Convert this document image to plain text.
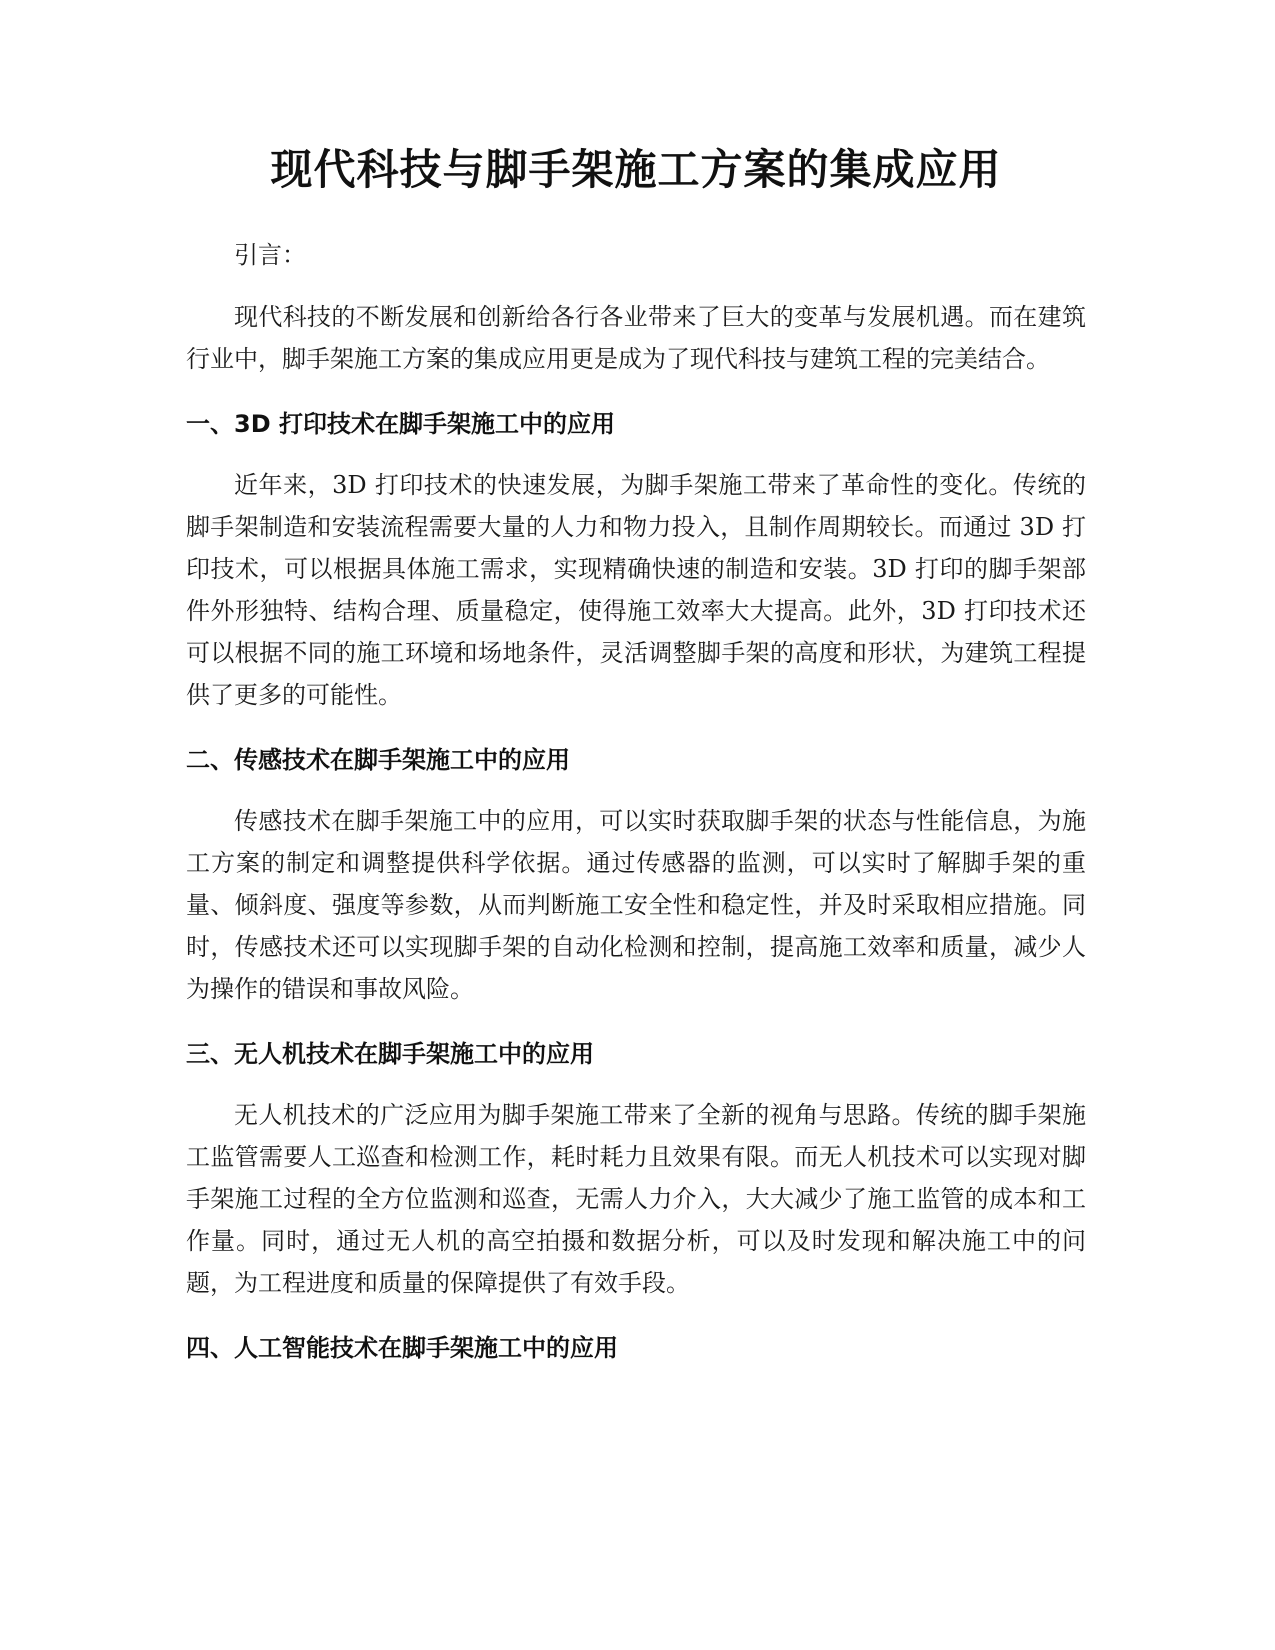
现代科技与脚手架施工方案的集成应用

引言：

现代科技的不断发展和创新给各行各业带来了巨大的变革与发展机遇。而在建筑行业中，脚手架施工方案的集成应用更是成为了现代科技与建筑工程的完美结合。

一、3D 打印技术在脚手架施工中的应用

近年来，3D 打印技术的快速发展，为脚手架施工带来了革命性的变化。传统的脚手架制造和安装流程需要大量的人力和物力投入，且制作周期较长。而通过 3D 打印技术，可以根据具体施工需求，实现精确快速的制造和安装。3D 打印的脚手架部件外形独特、结构合理、质量稳定，使得施工效率大大提高。此外，3D 打印技术还可以根据不同的施工环境和场地条件，灵活调整脚手架的高度和形状，为建筑工程提供了更多的可能性。

二、传感技术在脚手架施工中的应用

传感技术在脚手架施工中的应用，可以实时获取脚手架的状态与性能信息，为施工方案的制定和调整提供科学依据。通过传感器的监测，可以实时了解脚手架的重量、倾斜度、强度等参数，从而判断施工安全性和稳定性，并及时采取相应措施。同时，传感技术还可以实现脚手架的自动化检测和控制，提高施工效率和质量，减少人为操作的错误和事故风险。

三、无人机技术在脚手架施工中的应用

无人机技术的广泛应用为脚手架施工带来了全新的视角与思路。传统的脚手架施工监管需要人工巡查和检测工作，耗时耗力且效果有限。而无人机技术可以实现对脚手架施工过程的全方位监测和巡查，无需人力介入，大大减少了施工监管的成本和工作量。同时，通过无人机的高空拍摄和数据分析，可以及时发现和解决施工中的问题，为工程进度和质量的保障提供了有效手段。

四、人工智能技术在脚手架施工中的应用
